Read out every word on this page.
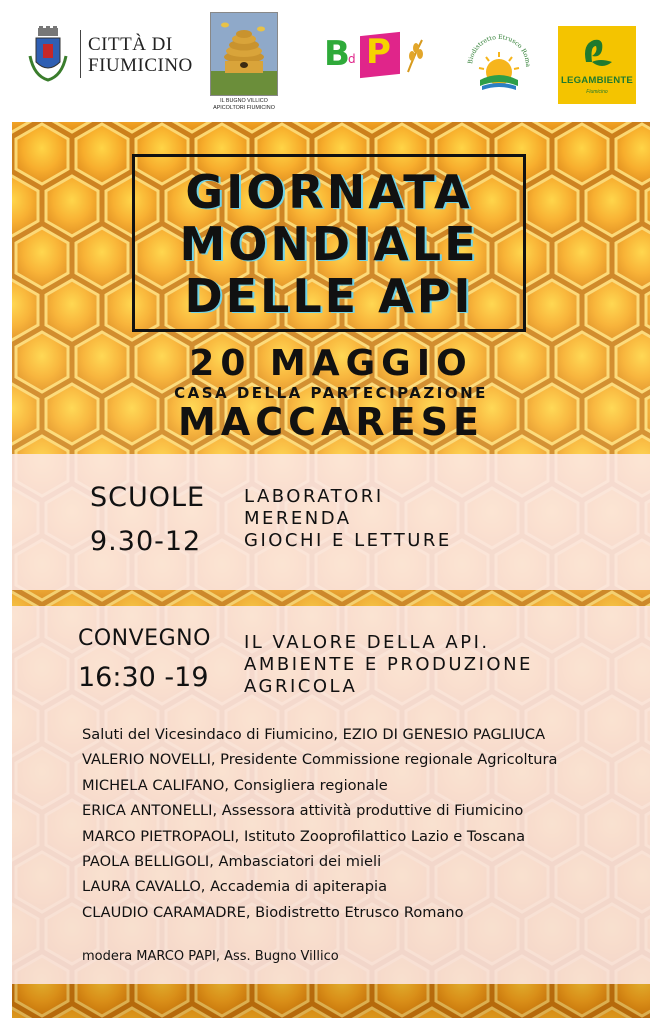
CITTÀ DI
FIUMICINO
IL BUGNO VILLICO
APICOLTORI FIUMICINO
B
d P	Biodistretto Etrusco Roma
LEGAMBIENTE
Fiumicino
GIORNATA
MONDIALE
DELLE API
20 MAGGIO
CASA DELLA PARTECIPAZIONE
MACCARESE
SCUOLE
9.30-12
LABORATORI
MERENDA
GIOCHI E LETTURE
CONVEGNO
16:30 -19
IL VALORE DELLA API.
AMBIENTE E PRODUZIONE
AGRICOLA
Saluti del Vicesindaco di Fiumicino, EZIO DI GENESIO PAGLIUCA
VALERIO NOVELLI, Presidente Commissione regionale Agricoltura
MICHELA CALIFANO, Consigliera regionale
ERICA ANTONELLI, Assessora attività produttive di Fiumicino
MARCO PIETROPAOLI, Istituto Zooprofilattico Lazio e Toscana
PAOLA BELLIGOLI, Ambasciatori dei mieli
LAURA CAVALLO, Accademia di apiterapia
CLAUDIO CARAMADRE, Biodistretto Etrusco Romano
modera MARCO PAPI, Ass. Bugno Villico
